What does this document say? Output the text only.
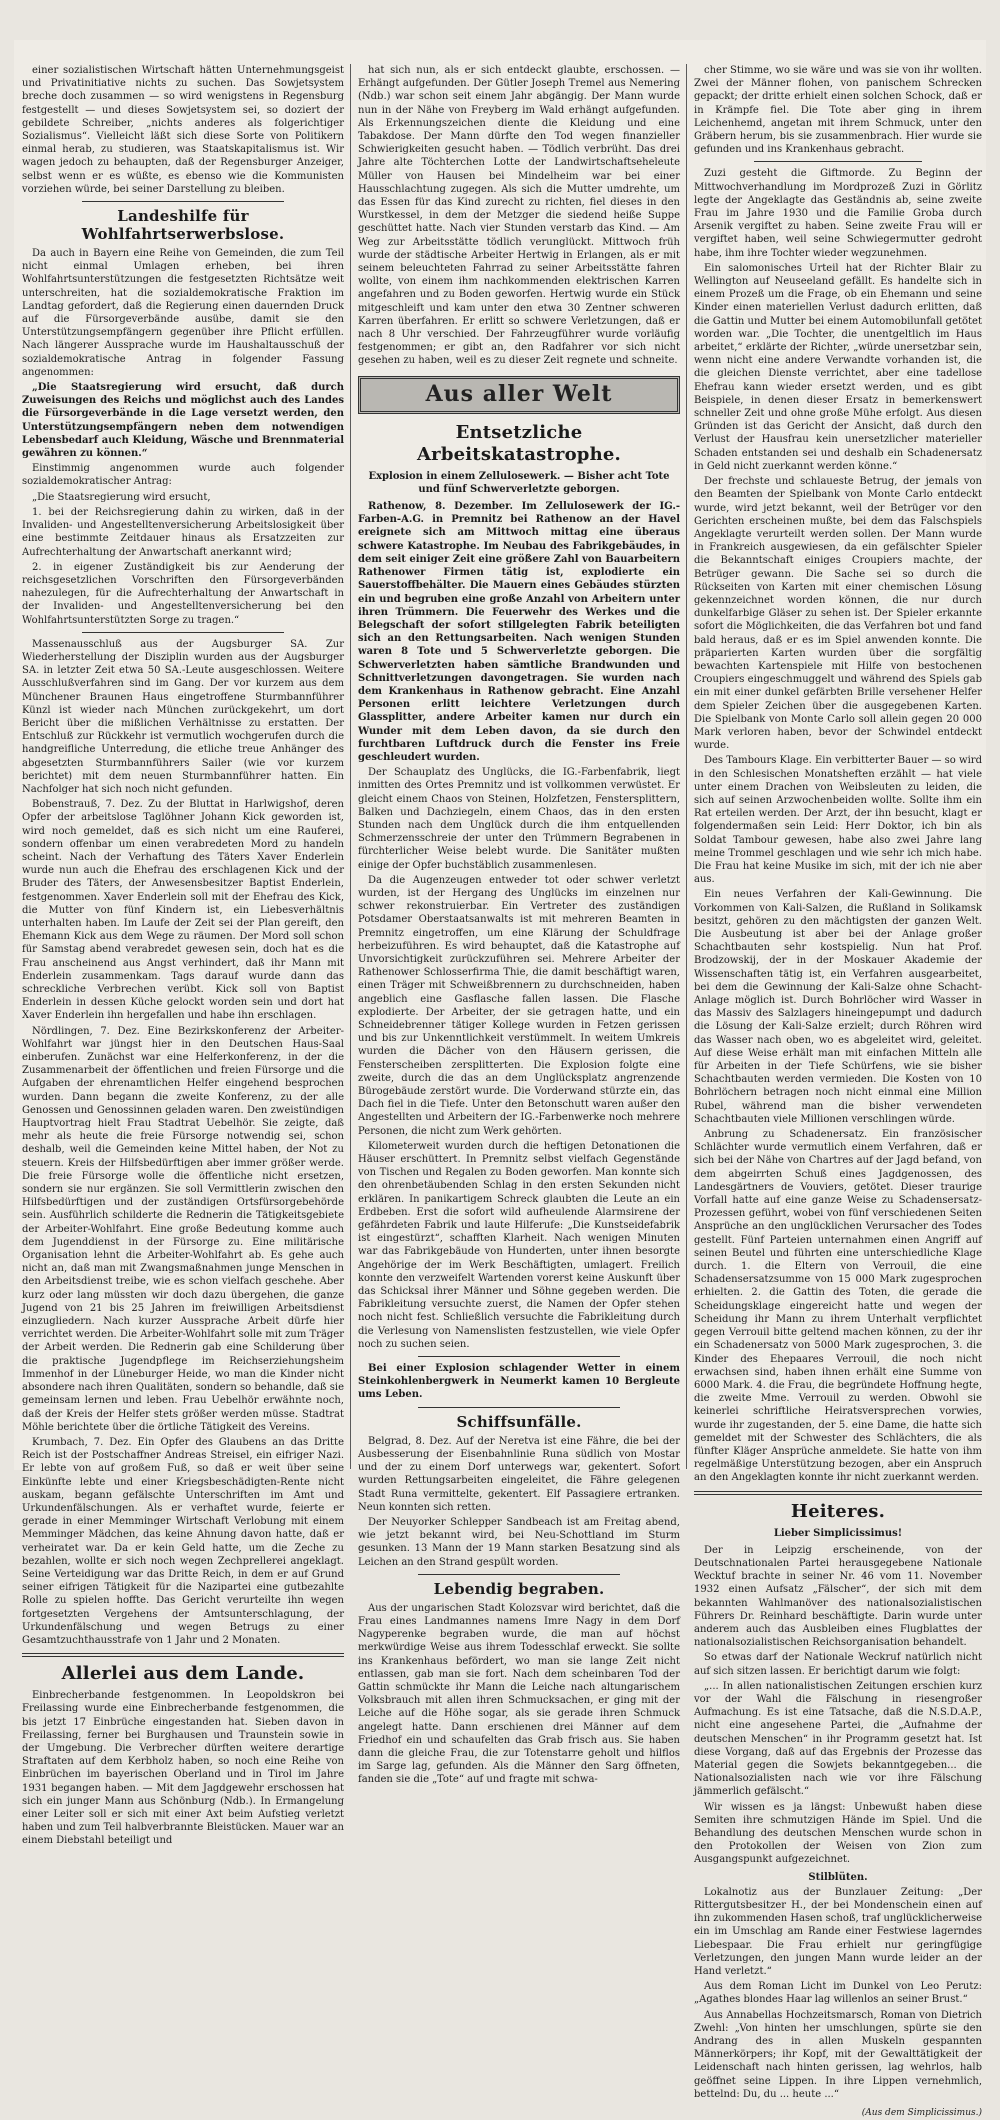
einer sozialistischen Wirtschaft hätten Unternehmungsgeist und Privatinitiative nichts zu suchen. Das Sowjetsystem breche doch zusammen — so wird wenigstens in Regensburg festgestellt — und dieses Sowjetsystem sei, so doziert der gebildete Schreiber, „nichts anderes als folgerichtiger Sozialismus“. Vielleicht läßt sich diese Sorte von Politikern einmal herab, zu studieren, was Staatskapitalismus ist. Wir wagen jedoch zu behaupten, daß der Regensburger Anzeiger, selbst wenn er es wüßte, es ebenso wie die Kommunisten vorziehen würde, bei seiner Darstellung zu bleiben.

Landeshilfe für Wohlfahrtserwerbslose.

Da auch in Bayern eine Reihe von Gemeinden, die zum Teil nicht einmal Umlagen erheben, bei ihren Wohlfahrtsunterstützungen die festgesetzten Richtsätze weit unterschreiten, hat die sozialdemokratische Fraktion im Landtag gefordert, daß die Regierung einen dauernden Druck auf die Fürsorgeverbände ausübe, damit sie den Unterstützungsempfängern gegenüber ihre Pflicht erfüllen. Nach längerer Aussprache wurde im Haushaltausschuß der sozialdemokratische Antrag in folgender Fassung angenommen:

„Die Staatsregierung wird ersucht, daß durch Zuweisungen des Reichs und möglichst auch des Landes die Fürsorgeverbände in die Lage versetzt werden, den Unterstützungsempfängern neben dem notwendigen Lebensbedarf auch Kleidung, Wäsche und Brennmaterial gewähren zu können.“

Einstimmig angenommen wurde auch folgender sozialdemokratischer Antrag:

„Die Staatsregierung wird ersucht,

1. bei der Reichsregierung dahin zu wirken, daß in der Invaliden- und Angestelltenversicherung Arbeitslosigkeit über eine bestimmte Zeitdauer hinaus als Ersatzzeiten zur Aufrechterhaltung der Anwartschaft anerkannt wird;

2. in eigener Zuständigkeit bis zur Aenderung der reichsgesetzlichen Vorschriften den Fürsorgeverbänden nahezulegen, für die Aufrechterhaltung der Anwartschaft in der Invaliden- und Angestelltenversicherung bei den Wohlfahrtsunterstützten Sorge zu tragen.“

Massenausschluß aus der Augsburger SA. Zur Wiederherstellung der Disziplin wurden aus der Augsburger SA. in letzter Zeit etwa 50 SA.-Leute ausgeschlossen. Weitere Ausschlußverfahren sind im Gang. Der vor kurzem aus dem Münchener Braunen Haus eingetroffene Sturmbannführer Künzl ist wieder nach München zurückgekehrt, um dort Bericht über die mißlichen Verhältnisse zu erstatten. Der Entschluß zur Rückkehr ist vermutlich wochgerufen durch die handgreifliche Unterredung, die etliche treue Anhänger des abgesetzten Sturmbannführers Sailer (wie vor kurzem berichtet) mit dem neuen Sturmbannführer hatten. Ein Nachfolger hat sich noch nicht gefunden.

Bobenstrauß, 7. Dez. Zu der Bluttat in Harlwigshof, deren Opfer der arbeitslose Taglöhner Johann Kick geworden ist, wird noch gemeldet, daß es sich nicht um eine Rauferei, sondern offenbar um einen verabredeten Mord zu handeln scheint. Nach der Verhaftung des Täters Xaver Enderlein wurde nun auch die Ehefrau des erschlagenen Kick und der Bruder des Täters, der Anwesensbesitzer Baptist Enderlein, festgenommen. Xaver Enderlein soll mit der Ehefrau des Kick, die Mutter von fünf Kindern ist, ein Liebesverhältnis unterhalten haben. Im Laufe der Zeit sei der Plan gereift, den Ehemann Kick aus dem Wege zu räumen. Der Mord soll schon für Samstag abend verabredet gewesen sein, doch hat es die Frau anscheinend aus Angst verhindert, daß ihr Mann mit Enderlein zusammenkam. Tags darauf wurde dann das schreckliche Verbrechen verübt. Kick soll von Baptist Enderlein in dessen Küche gelockt worden sein und dort hat Xaver Enderlein ihn hergefallen und habe ihn erschlagen.

Nördlingen, 7. Dez. Eine Bezirkskonferenz der Arbeiter-Wohlfahrt war jüngst hier in den Deutschen Haus-Saal einberufen. Zunächst war eine Helferkonferenz, in der die Zusammenarbeit der öffentlichen und freien Fürsorge und die Aufgaben der ehrenamtlichen Helfer eingehend besprochen wurden. Dann begann die zweite Konferenz, zu der alle Genossen und Genossinnen geladen waren. Den zweistündigen Hauptvortrag hielt Frau Stadtrat Uebelhör. Sie zeigte, daß mehr als heute die freie Fürsorge notwendig sei, schon deshalb, weil die Gemeinden keine Mittel haben, der Not zu steuern. Kreis der Hilfsbedürftigen aber immer größer werde. Die freie Fürsorge wolle die öffentliche nicht ersetzen, sondern sie nur ergänzen. Sie soll Vermittlerin zwischen den Hilfsbedürftigen und der zuständigen Ortsfürsorgebehörde sein. Ausführlich schilderte die Rednerin die Tätigkeitsgebiete der Arbeiter-Wohlfahrt. Eine große Bedeutung komme auch dem Jugenddienst in der Fürsorge zu. Eine militärische Organisation lehnt die Arbeiter-Wohlfahrt ab. Es gehe auch nicht an, daß man mit Zwangsmaßnahmen junge Menschen in den Arbeitsdienst treibe, wie es schon vielfach geschehe. Aber kurz oder lang müssten wir doch dazu übergehen, die ganze Jugend von 21 bis 25 Jahren im freiwilligen Arbeitsdienst einzugliedern. Nach kurzer Aussprache Arbeit dürfe hier verrichtet werden. Die Arbeiter-Wohlfahrt solle mit zum Träger der Arbeit werden. Die Rednerin gab eine Schilderung über die praktische Jugendpflege im Reichserziehungsheim Immenhof in der Lüneburger Heide, wo man die Kinder nicht absondere nach ihren Qualitäten, sondern so behandle, daß sie gemeinsam lernen und leben. Frau Uebelhör erwähnte noch, daß der Kreis der Helfer stets größer werden müsse. Stadtrat Möhle berichtete über die örtliche Tätigkeit des Vereins.

Krumbach, 7. Dez. Ein Opfer des Glaubens an das Dritte Reich ist der Postschaffner Andreas Streisel, ein eifriger Nazi. Er lebte von auf großem Fuß, so daß er weit über seine Einkünfte lebte und einer Kriegsbeschädigten-Rente nicht auskam, begann gefälschte Unterschriften im Amt und Urkundenfälschungen. Als er verhaftet wurde, feierte er gerade in einer Memminger Wirtschaft Verlobung mit einem Memminger Mädchen, das keine Ahnung davon hatte, daß er verheiratet war. Da er kein Geld hatte, um die Zeche zu bezahlen, wollte er sich noch wegen Zechprellerei angeklagt. Seine Verteidigung war das Dritte Reich, in dem er auf Grund seiner eifrigen Tätigkeit für die Nazipartei eine gutbezahlte Rolle zu spielen hoffte. Das Gericht verurteilte ihn wegen fortgesetzten Vergehens der Amtsunterschlagung, der Urkundenfälschung und wegen Betrugs zu einer Gesamtzuchthausstrafe von 1 Jahr und 2 Monaten.

Allerlei aus dem Lande.

Einbrecherbande festgenommen. In Leopoldskron bei Freilassing wurde eine Einbrecherbande festgenommen, die bis jetzt 17 Einbrüche eingestanden hat. Sieben davon in Freilassing, ferner bei Burghausen und Traunstein sowie in der Umgebung. Die Verbrecher dürften weitere derartige Straftaten auf dem Kerbholz haben, so noch eine Reihe von Einbrüchen im bayerischen Oberland und in Tirol im Jahre 1931 begangen haben. — Mit dem Jagdgewehr erschossen hat sich ein junger Mann aus Schönburg (Ndb.). In Ermangelung einer Leiter soll er sich mit einer Axt beim Aufstieg verletzt haben und zum Teil halbverbrannte Bleistücken. Mauer war an einem Diebstahl beteiligt und

hat sich nun, als er sich entdeckt glaubte, erschossen. — Erhängt aufgefunden. Der Gütler Joseph Tremel aus Nemering (Ndb.) war schon seit einem Jahr abgängig. Der Mann wurde nun in der Nähe von Freyberg im Wald erhängt aufgefunden. Als Erkennungszeichen diente die Kleidung und eine Tabakdose. Der Mann dürfte den Tod wegen finanzieller Schwierigkeiten gesucht haben. — Tödlich verbrüht. Das drei Jahre alte Töchterchen Lotte der Landwirtschaftseheleute Müller von Hausen bei Mindelheim war bei einer Hausschlachtung zugegen. Als sich die Mutter umdrehte, um das Essen für das Kind zurecht zu richten, fiel dieses in den Wurstkessel, in dem der Metzger die siedend heiße Suppe geschüttet hatte. Nach vier Stunden verstarb das Kind. — Am Weg zur Arbeitsstätte tödlich verunglückt. Mittwoch früh wurde der städtische Arbeiter Hertwig in Erlangen, als er mit seinem beleuchteten Fahrrad zu seiner Arbeitsstätte fahren wollte, von einem ihm nachkommenden elektrischen Karren angefahren und zu Boden geworfen. Hertwig wurde ein Stück mitgeschleift und kam unter den etwa 30 Zentner schweren Karren überfahren. Er erlitt so schwere Verletzungen, daß er nach 8 Uhr verschied. Der Fahrzeugführer wurde vorläufig festgenommen; er gibt an, den Radfahrer vor sich nicht gesehen zu haben, weil es zu dieser Zeit regnete und schneite.

Aus aller Welt
Entsetzliche Arbeitskatastrophe.
Explosion in einem Zellulosewerk. — Bisher acht Tote und fünf Schwerverletzte geborgen.

Rathenow, 8. Dezember. Im Zellulosewerk der IG.-Farben-A.G. in Premnitz bei Rathenow an der Havel ereignete sich am Mittwoch mittag eine überaus schwere Katastrophe. Im Neubau des Fabrikgebäudes, in dem seit einiger Zeit eine größere Zahl von Bauarbeitern Rathenower Firmen tätig ist, explodierte ein Sauerstoffbehälter. Die Mauern eines Gebäudes stürzten ein und begruben eine große Anzahl von Arbeitern unter ihren Trümmern. Die Feuerwehr des Werkes und die Belegschaft der sofort stillgelegten Fabrik beteiligten sich an den Rettungsarbeiten. Nach wenigen Stunden waren 8 Tote und 5 Schwerverletzte geborgen. Die Schwerverletzten haben sämtliche Brandwunden und Schnittverletzungen davongetragen. Sie wurden nach dem Krankenhaus in Rathenow gebracht. Eine Anzahl Personen erlitt leichtere Verletzungen durch Glassplitter, andere Arbeiter kamen nur durch ein Wunder mit dem Leben davon, da sie durch den furchtbaren Luftdruck durch die Fenster ins Freie geschleudert wurden.

Der Schauplatz des Unglücks, die IG.-Farbenfabrik, liegt inmitten des Ortes Premnitz und ist vollkommen verwüstet. Er gleicht einem Chaos von Steinen, Holzfetzen, Fenstersplittern, Balken und Dachziegeln, einem Chaos, das in den ersten Stunden nach dem Unglück durch die ihm entquellenden Schmerzensschreie der unter den Trümmern Begrabenen in fürchterlicher Weise belebt wurde. Die Sanitäter mußten einige der Opfer buchstäblich zusammenlesen.

Da die Augenzeugen entweder tot oder schwer verletzt wurden, ist der Hergang des Unglücks im einzelnen nur schwer rekonstruierbar. Ein Vertreter des zuständigen Potsdamer Oberstaatsanwalts ist mit mehreren Beamten in Premnitz eingetroffen, um eine Klärung der Schuldfrage herbeizuführen. Es wird behauptet, daß die Katastrophe auf Unvorsichtigkeit zurückzuführen sei. Mehrere Arbeiter der Rathenower Schlosserfirma Thie, die damit beschäftigt waren, einen Träger mit Schweißbrennern zu durchschneiden, haben angeblich eine Gasflasche fallen lassen. Die Flasche explodierte. Der Arbeiter, der sie getragen hatte, und ein Schneidebrenner tätiger Kollege wurden in Fetzen gerissen und bis zur Unkenntlichkeit verstümmelt. In weitem Umkreis wurden die Dächer von den Häusern gerissen, die Fensterscheiben zersplitterten. Die Explosion folgte eine zweite, durch die das an dem Unglücksplatz angrenzende Bürogebäude zerstört wurde. Die Vorderwand stürzte ein, das Dach fiel in die Tiefe. Unter den Betonschutt waren außer den Angestellten und Arbeitern der IG.-Farbenwerke noch mehrere Personen, die nicht zum Werk gehörten.

Kilometerweit wurden durch die heftigen Detonationen die Häuser erschüttert. In Premnitz selbst vielfach Gegenstände von Tischen und Regalen zu Boden geworfen. Man konnte sich den ohrenbetäubenden Schlag in den ersten Sekunden nicht erklären. In panikartigem Schreck glaubten die Leute an ein Erdbeben. Erst die sofort wild aufheulende Alarmsirene der gefährdeten Fabrik und laute Hilferufe: „Die Kunstseidefabrik ist eingestürzt“, schafften Klarheit. Nach wenigen Minuten war das Fabrikgebäude von Hunderten, unter ihnen besorgte Angehörige der im Werk Beschäftigten, umlagert. Freilich konnte den verzweifelt Wartenden vorerst keine Auskunft über das Schicksal ihrer Männer und Söhne gegeben werden. Die Fabrikleitung versuchte zuerst, die Namen der Opfer stehen noch nicht fest. Schließlich versuchte die Fabrikleitung durch die Verlesung von Namenslisten festzustellen, wie viele Opfer noch zu suchen seien.

Bei einer Explosion schlagender Wetter in einem Steinkohlenbergwerk in Neumerkt kamen 10 Bergleute ums Leben.

Schiffsunfälle.

Belgrad, 8. Dez. Auf der Neretva ist eine Fähre, die bei der Ausbesserung der Eisenbahnlinie Runa südlich von Mostar und der zu einem Dorf unterwegs war, gekentert. Sofort wurden Rettungsarbeiten eingeleitet, die Fähre gelegenen Stadt Runa vermittelte, gekentert. Elf Passagiere ertranken. Neun konnten sich retten.

Der Neuyorker Schlepper Sandbeach ist am Freitag abend, wie jetzt bekannt wird, bei Neu-Schottland im Sturm gesunken. 13 Mann der 19 Mann starken Besatzung sind als Leichen an den Strand gespült worden.

Lebendig begraben.

Aus der ungarischen Stadt Kolozsvar wird berichtet, daß die Frau eines Landmannes namens Imre Nagy in dem Dorf Nagyperenke begraben wurde, die man auf höchst merkwürdige Weise aus ihrem Todesschlaf erweckt. Sie sollte ins Krankenhaus befördert, wo man sie lange Zeit nicht entlassen, gab man sie fort. Nach dem scheinbaren Tod der Gattin schmückte ihr Mann die Leiche nach altungarischem Volksbrauch mit allen ihren Schmucksachen, er ging mit der Leiche auf die Höhe sogar, als sie gerade ihren Schmuck angelegt hatte. Dann erschienen drei Männer auf dem Friedhof ein und schaufelten das Grab frisch aus. Sie haben dann die gleiche Frau, die zur Totenstarre geholt und hilflos im Sarge lag, gefunden. Als die Männer den Sarg öffneten, fanden sie die „Tote“ auf und fragte mit schwa-

cher Stimme, wo sie wäre und was sie von ihr wollten. Zwei der Männer flohen, von panischem Schrecken gepackt; der dritte erhielt einen solchen Schock, daß er in Krämpfe fiel. Die Tote aber ging in ihrem Leichenhemd, angetan mit ihrem Schmuck, unter den Gräbern herum, bis sie zusammenbrach. Hier wurde sie gefunden und ins Krankenhaus gebracht.

Zuzi gesteht die Giftmorde. Zu Beginn der Mittwochverhandlung im Mordprozeß Zuzi in Görlitz legte der Angeklagte das Geständnis ab, seine zweite Frau im Jahre 1930 und die Familie Groba durch Arsenik vergiftet zu haben. Seine zweite Frau will er vergiftet haben, weil seine Schwiegermutter gedroht habe, ihm ihre Tochter wieder wegzunehmen.

Ein salomonisches Urteil hat der Richter Blair zu Wellington auf Neuseeland gefällt. Es handelte sich in einem Prozeß um die Frage, ob ein Ehemann und seine Kinder einen materiellen Verlust dadurch erlitten, daß die Gattin und Mutter bei einem Automobilunfall getötet worden war. „Die Tochter, die unentgeltlich im Haus arbeitet,“ erklärte der Richter, „würde unersetzbar sein, wenn nicht eine andere Verwandte vorhanden ist, die die gleichen Dienste verrichtet, aber eine tadellose Ehefrau kann wieder ersetzt werden, und es gibt Beispiele, in denen dieser Ersatz in bemerkenswert schneller Zeit und ohne große Mühe erfolgt. Aus diesen Gründen ist das Gericht der Ansicht, daß durch den Verlust der Hausfrau kein unersetzlicher materieller Schaden entstanden sei und deshalb ein Schadenersatz in Geld nicht zuerkannt werden könne.“

Der frechste und schlaueste Betrug, der jemals von den Beamten der Spielbank von Monte Carlo entdeckt wurde, wird jetzt bekannt, weil der Betrüger vor den Gerichten erscheinen mußte, bei dem das Falschspiels Angeklagte verurteilt werden sollen. Der Mann wurde in Frankreich ausgewiesen, da ein gefälschter Spieler die Bekanntschaft einiges Croupiers machte, der Betrüger gewann. Die Sache sei so durch die Rückseiten von Karten mit einer chemischen Lösung gekennzeichnet worden können, die nur durch dunkelfarbige Gläser zu sehen ist. Der Spieler erkannte sofort die Möglichkeiten, die das Verfahren bot und fand bald heraus, daß er es im Spiel anwenden konnte. Die präparierten Karten wurden über die sorgfältig bewachten Kartenspiele mit Hilfe von bestochenen Croupiers eingeschmuggelt und während des Spiels gab ein mit einer dunkel gefärbten Brille versehener Helfer dem Spieler Zeichen über die ausgegebenen Karten. Die Spielbank von Monte Carlo soll allein gegen 20 000 Mark verloren haben, bevor der Schwindel entdeckt wurde.

Des Tambours Klage. Ein verbitterter Bauer — so wird in den Schlesischen Monatsheften erzählt — hat viele unter einem Drachen von Weibsleuten zu leiden, die sich auf seinen Arzwochenbeiden wollte. Sollte ihm ein Rat erteilen werden. Der Arzt, der ihn besucht, klagt er folgendermaßen sein Leid: Herr Doktor, ich bin als Soldat Tambour gewesen, habe also zwei Jahre lang meine Trommel geschlagen und wie sehr ich mich habe. Die Frau hat keine Musike im sich, mit der ich nie aber aus.

Ein neues Verfahren der Kali-Gewinnung. Die Vorkommen von Kali-Salzen, die Rußland in Solikamsk besitzt, gehören zu den mächtigsten der ganzen Welt. Die Ausbeutung ist aber bei der Anlage großer Schachtbauten sehr kostspielig. Nun hat Prof. Brodzowskij, der in der Moskauer Akademie der Wissenschaften tätig ist, ein Verfahren ausgearbeitet, bei dem die Gewinnung der Kali-Salze ohne Schacht-Anlage möglich ist. Durch Bohrlöcher wird Wasser in das Massiv des Salzlagers hineingepumpt und dadurch die Lösung der Kali-Salze erzielt; durch Röhren wird das Wasser nach oben, wo es abgeleitet wird, geleitet. Auf diese Weise erhält man mit einfachen Mitteln alle für Arbeiten in der Tiefe Schürfens, wie sie bisher Schachtbauten werden vermieden. Die Kosten von 10 Bohrlöchern betragen noch nicht einmal eine Million Rubel, während man die bisher verwendeten Schachtbauten viele Millionen verschlingen würde.

Anbrung zu Schadenersatz. Ein französischer Schlächter wurde vermutlich einem Verfahren, daß er sich bei der Nähe von Chartres auf der Jagd befand, von dem abgeirrten Schuß eines Jagdgenossen, des Landesgärtners de Vouviers, getötet. Dieser traurige Vorfall hatte auf eine ganze Weise zu Schadensersatz-Prozessen geführt, wobei von fünf verschiedenen Seiten Ansprüche an den unglücklichen Verursacher des Todes gestellt. Fünf Parteien unternahmen einen Angriff auf seinen Beutel und führten eine unterschiedliche Klage durch. 1. die Eltern von Verrouil, die eine Schadensersatzsumme von 15 000 Mark zugesprochen erhielten. 2. die Gattin des Toten, die gerade die Scheidungsklage eingereicht hatte und wegen der Scheidung ihr Mann zu ihrem Unterhalt verpflichtet gegen Verrouil bitte geltend machen können, zu der ihr ein Schadenersatz von 5000 Mark zugesprochen, 3. die Kinder des Ehepaares Verrouil, die noch nicht erwachsen sind, haben ihnen erhält eine Summe von 6000 Mark. 4. die Frau, die begründete Hoffnung hegte, die zweite Mme. Verrouil zu werden. Obwohl sie keinerlei schriftliche Heiratsversprechen vorwies, wurde ihr zugestanden, der 5. eine Dame, die hatte sich gemeldet mit der Schwester des Schlächters, die als fünfter Kläger Ansprüche anmeldete. Sie hatte von ihm regelmäßige Unterstützung bezogen, aber ein Anspruch an den Angeklagten konnte ihr nicht zuerkannt werden.

Heiteres.
Lieber Simplicissimus!

Der in Leipzig erscheinende, von der Deutschnationalen Partei herausgegebene Nationale Wecktuf brachte in seiner Nr. 46 vom 11. November 1932 einen Aufsatz „Fälscher“, der sich mit dem bekannten Wahlmanöver des nationalsozialistischen Führers Dr. Reinhard beschäftigte. Darin wurde unter anderem auch das Ausbleiben eines Flugblattes der nationalsozialistischen Reichsorganisation behandelt.

So etwas darf der Nationale Weckruf natürlich nicht auf sich sitzen lassen. Er berichtigt darum wie folgt:

„... In allen nationalistischen Zeitungen erschien kurz vor der Wahl die Fälschung in riesengroßer Aufmachung. Es ist eine Tatsache, daß die N.S.D.A.P., nicht eine angesehene Partei, die „Aufnahme der deutschen Menschen“ in ihr Programm gesetzt hat. Ist diese Vorgang, daß auf das Ergebnis der Prozesse das Material gegen die Sowjets bekanntgegeben... die Nationalsozialisten nach wie vor ihre Fälschung jämmerlich gefälscht.“

Wir wissen es ja längst: Unbewußt haben diese Semiten ihre schmutzigen Hände im Spiel. Und die Behandlung des deutschen Menschen wurde schon in den Protokollen der Weisen von Zion zum Ausgangspunkt aufgezeichnet.

Stilblüten.

Lokalnotiz aus der Bunzlauer Zeitung: „Der Rittergutsbesitzer H., der bei Mondenschein einen auf ihn zukommenden Hasen schoß, traf unglücklicherweise ein im Umschlag am Rande einer Festwiese lagerndes Liebespaar. Die Frau erhielt nur geringfügige Verletzungen, den jungen Mann wurde leider an der Hand verletzt.“

Aus dem Roman Licht im Dunkel von Leo Perutz: „Agathes blondes Haar lag willenlos an seiner Brust.“

Aus Annabellas Hochzeitsmarsch, Roman von Dietrich Zwehl: „Von hinten her umschlungen, spürte sie den Andrang des in allen Muskeln gespannten Männerkörpers; ihr Kopf, mit der Gewalttätigkeit der Leidenschaft nach hinten gerissen, lag wehrlos, halb geöffnet seine Lippen. In ihre Lippen vernehmlich, bettelnd: Du, du ... heute ...“

(Aus dem Simplicissimus.)
